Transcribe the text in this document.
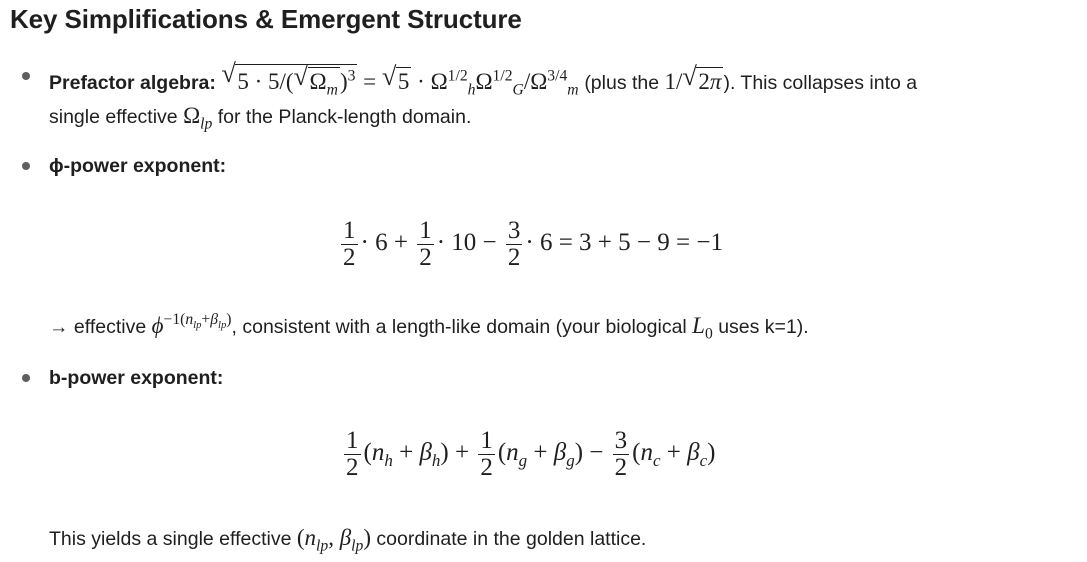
Key Simplifications & Emergent Structure
Prefactor algebra: √ 5 · 5/( √ $\Omega_m)^3$ = √ $5 \cdot \Omega^{1/2}_h\Omega^{1/2}_G/\Omega^{3/4}_m$ (plus the 1/ √ 2π ). This collapses into a
single effective $\Omega_{lp}$ for the Planck-length domain.
ϕ-power exponent:
$\frac{1}{2} \cdot 6 + \frac{1}{2} \cdot 10 - \frac{3}{2} \cdot 6 = 3 + 5 - 9 = -1$
→ effective $\phi^{-1(n_{lp}+\beta_{lp})}$, consistent with a length-like domain (your biological $L_0$ uses k=1).
b-power exponent:
$\frac{1}{2} (n_h + \beta_h) + \frac{1}{2} (n_g + \beta_g) - \frac{3}{2} (n_c + \beta_c)$
This yields a single effective ($n_{lp}$, $\beta_{lp}$) coordinate in the golden lattice.
